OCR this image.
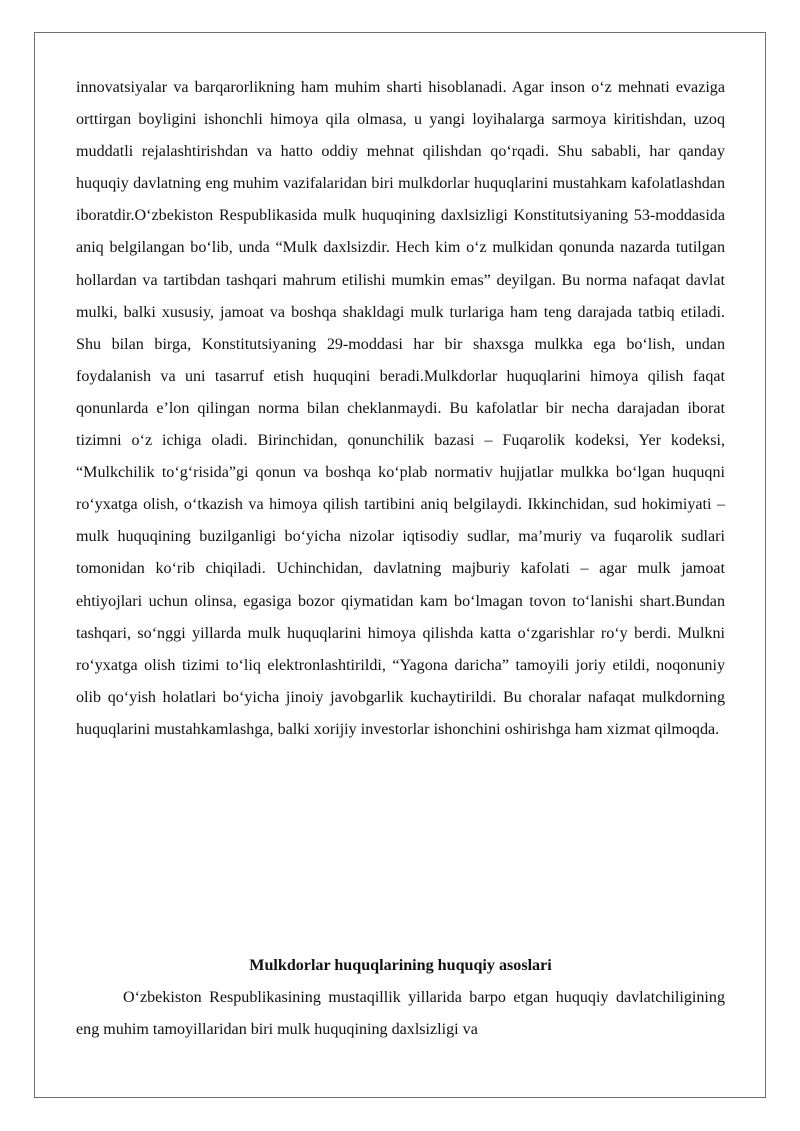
innovatsiyalar va barqarorlikning ham muhim sharti hisoblanadi. Agar inson o‘z mehnati evaziga orttirgan boyligini ishonchli himoya qila olmasa, u yangi loyihalarga sarmoya kiritishdan, uzoq muddatli rejalashtirishdan va hatto oddiy mehnat qilishdan qo‘rqadi. Shu sababli, har qanday huquqiy davlatning eng muhim vazifalaridan biri mulkdorlar huquqlarini mustahkam kafolatlashdan iboratdir.O‘zbekiston Respublikasida mulk huquqining daxlsizligi Konstitutsiyaning 53-moddasida aniq belgilangan bo‘lib, unda “Mulk daxlsizdir. Hech kim o‘z mulkidan qonunda nazarda tutilgan hollardan va tartibdan tashqari mahrum etilishi mumkin emas” deyilgan. Bu norma nafaqat davlat mulki, balki xususiy, jamoat va boshqa shakldagi mulk turlariga ham teng darajada tatbiq etiladi. Shu bilan birga, Konstitutsiyaning 29-moddasi har bir shaxsga mulkka ega bo‘lish, undan foydalanish va uni tasarruf etish huquqini beradi.Mulkdorlar huquqlarini himoya qilish faqat qonunlarda e’lon qilingan norma bilan cheklanmaydi. Bu kafolatlar bir necha darajadan iborat tizimni o‘z ichiga oladi. Birinchidan, qonunchilik bazasi – Fuqarolik kodeksi, Yer kodeksi, “Mulkchilik to‘g‘risida”gi qonun va boshqa ko‘plab normativ hujjatlar mulkka bo‘lgan huquqni ro‘yxatga olish, o‘tkazish va himoya qilish tartibini aniq belgilaydi. Ikkinchidan, sud hokimiyati – mulk huquqining buzilganligi bo‘yicha nizolar iqtisodiy sudlar, ma’muriy va fuqarolik sudlari tomonidan ko‘rib chiqiladi. Uchinchidan, davlatning majburiy kafolati – agar mulk jamoat ehtiyojlari uchun olinsa, egasiga bozor qiymatidan kam bo‘lmagan tovon to‘lanishi shart.Bundan tashqari, so‘nggi yillarda mulk huquqlarini himoya qilishda katta o‘zgarishlar ro‘y berdi. Mulkni ro‘yxatga olish tizimi to‘liq elektronlashtirildi, “Yagona daricha” tamoyili joriy etildi, noqonuniy olib qo‘yish holatlari bo‘yicha jinoiy javobgarlik kuchaytirildi. Bu choralar nafaqat mulkdorning huquqlarini mustahkamlashga, balki xorijiy investorlar ishonchini oshirishga ham xizmat qilmoqda.

Mulkdorlar huquqlarining huquqiy asoslari

O‘zbekiston Respublikasining mustaqillik yillarida barpo etgan huquqiy davlatchiligining eng muhim tamoyillaridan biri mulk huquqining daxlsizligi va
